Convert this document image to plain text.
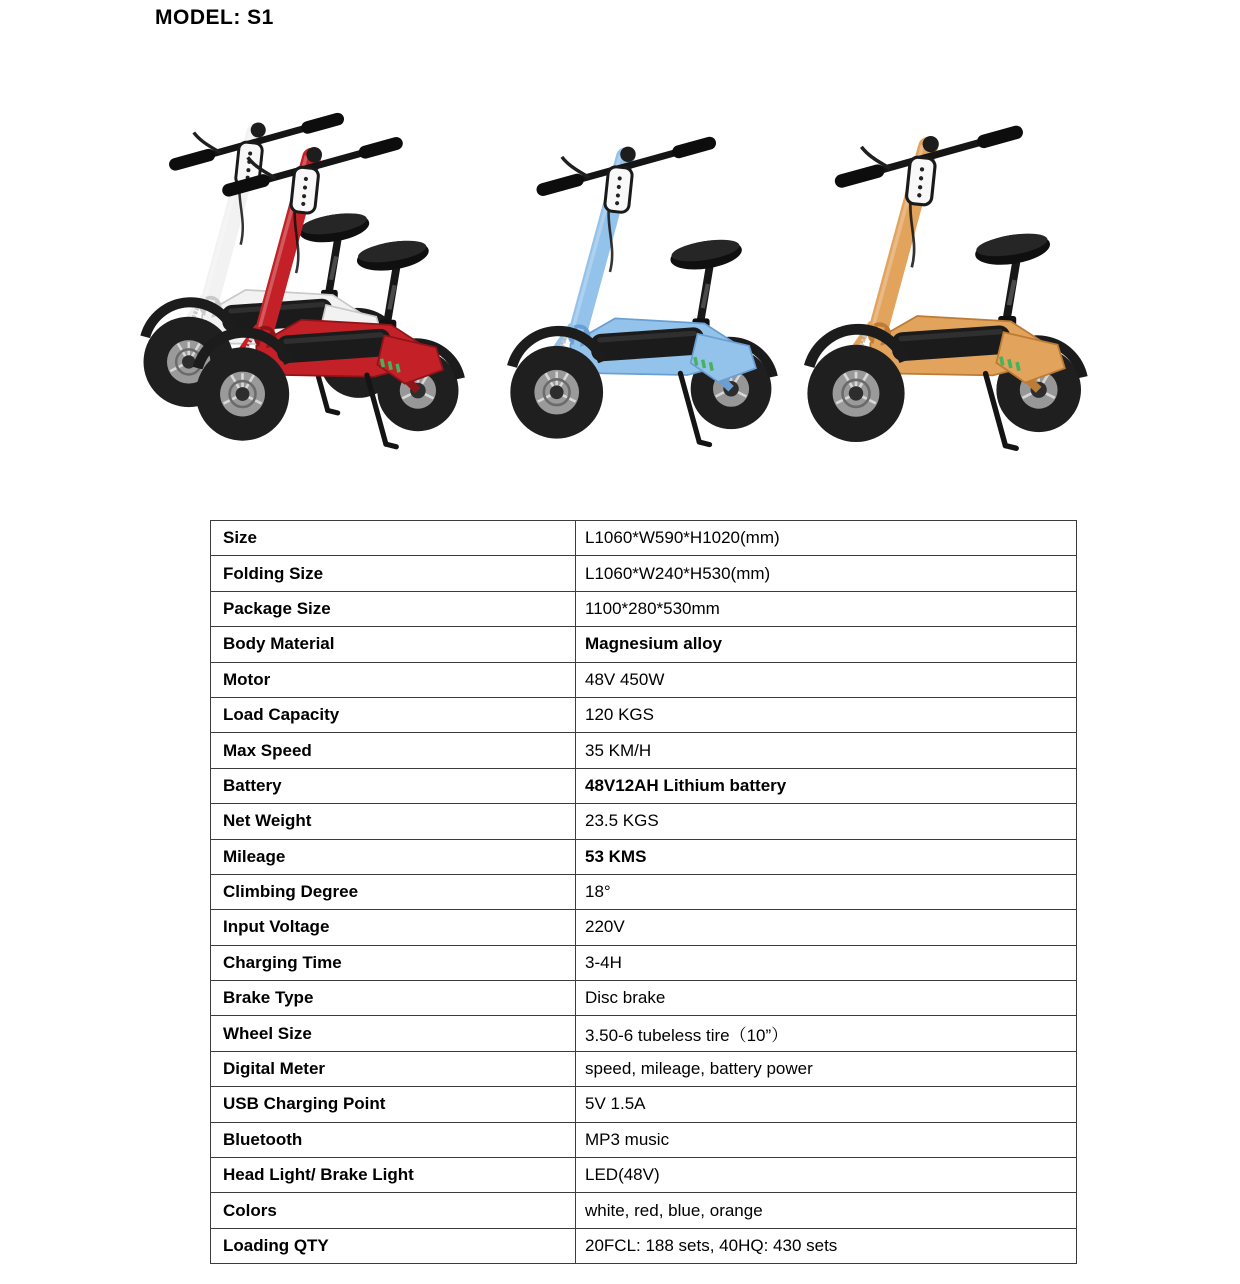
MODEL: S1
Size	L1060*W590*H1020(mm)
Folding Size	L1060*W240*H530(mm)
Package Size	1100*280*530mm
Body Material	Magnesium alloy
Motor	48V 450W
Load Capacity	120 KGS
Max Speed	35 KM/H
Battery	48V12AH Lithium battery
Net Weight	23.5 KGS
Mileage	53 KMS
Climbing Degree	18°
Input Voltage	220V
Charging Time	3-4H
Brake Type	Disc brake
Wheel Size	3.50-6 tubeless tire（10”）
Digital Meter	speed, mileage, battery power
USB Charging Point	5V 1.5A
Bluetooth	MP3 music
Head Light/ Brake Light	LED(48V)
Colors	white, red, blue, orange
Loading QTY	20FCL: 188 sets, 40HQ: 430 sets
